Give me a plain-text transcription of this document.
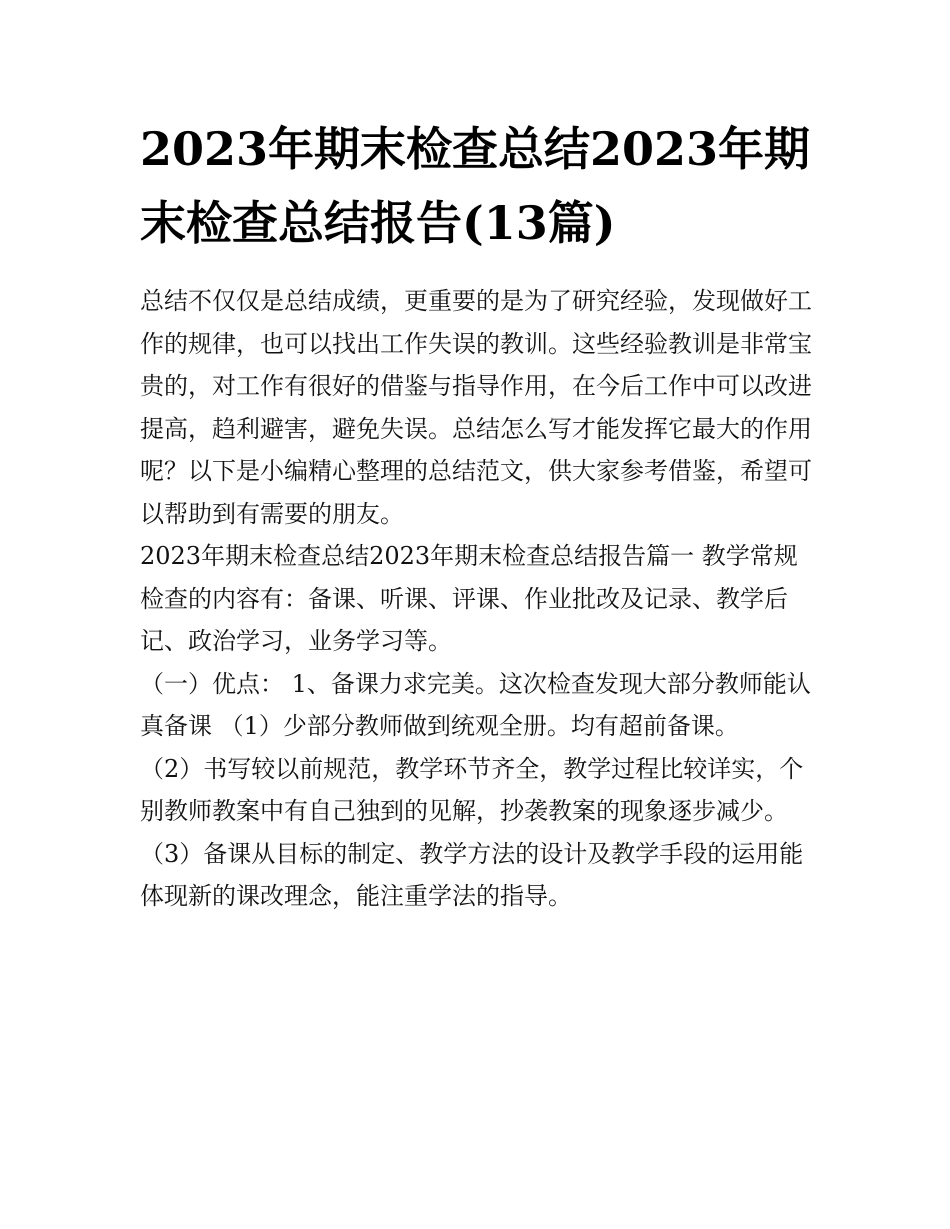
2023年期末检查总结2023年期末检查总结报告(13篇)

总结不仅仅是总结成绩，更重要的是为了研究经验，发现做好工作的规律，也可以找出工作失误的教训。这些经验教训是非常宝贵的，对工作有很好的借鉴与指导作用，在今后工作中可以改进提高，趋利避害，避免失误。总结怎么写才能发挥它最大的作用呢？以下是小编精心整理的总结范文，供大家参考借鉴，希望可以帮助到有需要的朋友。

2023年期末检查总结2023年期末检查总结报告篇一 教学常规检查的内容有：备课、听课、评课、作业批改及记录、教学后记、政治学习，业务学习等。

（一）优点： 1、备课力求完美。这次检查发现大部分教师能认真备课 （1）少部分教师做到统观全册。均有超前备课。

（2）书写较以前规范，教学环节齐全，教学过程比较详实，个别教师教案中有自己独到的见解，抄袭教案的现象逐步减少。

（3）备课从目标的制定、教学方法的设计及教学手段的运用能体现新的课改理念，能注重学法的指导。
